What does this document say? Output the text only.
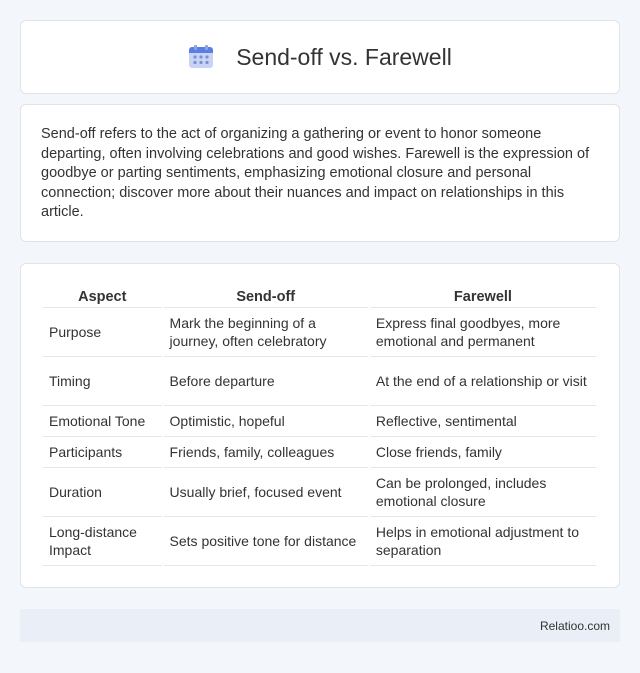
Send-off vs. Farewell

Send-off refers to the act of organizing a gathering or event to honor someone departing, often involving celebrations and good wishes. Farewell is the expression of goodbye or parting sentiments, emphasizing emotional closure and personal connection; discover more about their nuances and impact on relationships in this article.

Aspect	Send-off	Farewell
Purpose	Mark the beginning of a journey, often celebratory	Express final goodbyes, more emotional and permanent
Timing	Before departure	At the end of a relationship or visit
Emotional Tone	Optimistic, hopeful	Reflective, sentimental
Participants	Friends, family, colleagues	Close friends, family
Duration	Usually brief, focused event	Can be prolonged, includes emotional closure
Long-distance Impact	Sets positive tone for distance	Helps in emotional adjustment to separation
Relatioo.com
